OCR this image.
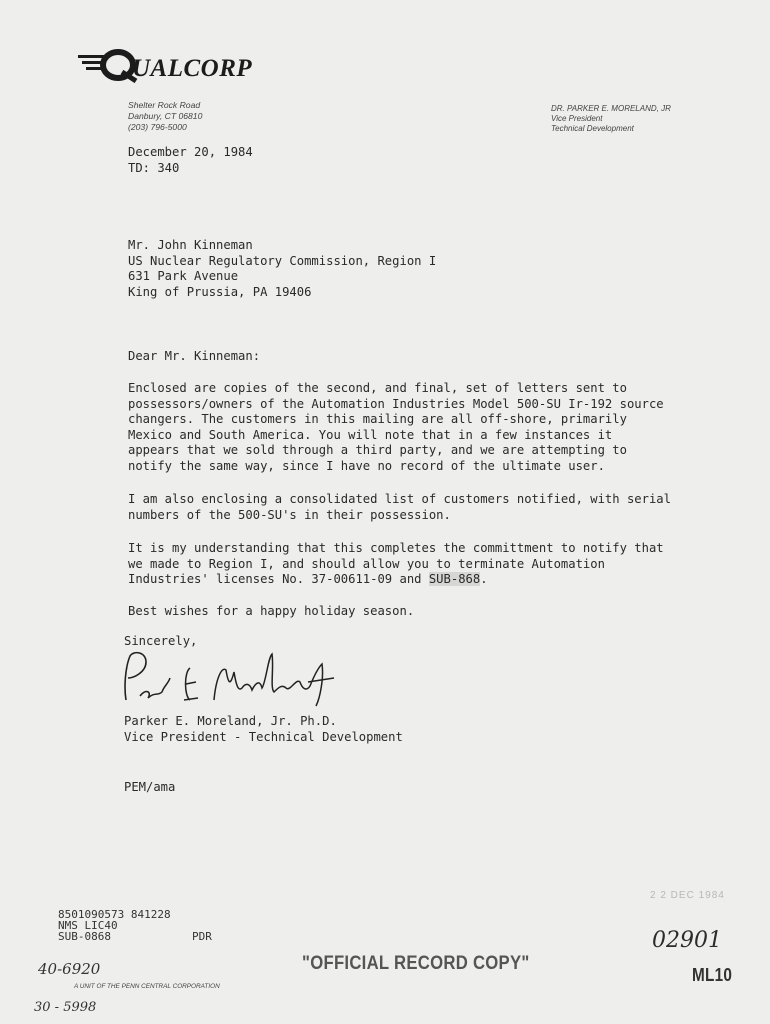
UALCORP
Shelter Rock Road
Danbury, CT 06810
(203) 796-5000
DR. PARKER E. MORELAND, JR
Vice President
Technical Development
December 20, 1984
TD: 340
Mr. John Kinneman
US Nuclear Regulatory Commission, Region I
631 Park Avenue
King of Prussia, PA 19406
Dear Mr. Kinneman:

Enclosed are copies of the second, and final, set of letters sent to
possessors/owners of the Automation Industries Model 500-SU Ir-192 source
changers. The customers in this mailing are all off-shore, primarily
Mexico and South America. You will note that in a few instances it
appears that we sold through a third party, and we are attempting to
notify the same way, since I have no record of the ultimate user.

I am also enclosing a consolidated list of customers notified, with serial
numbers of the 500-SU's in their possession.

It is my understanding that this completes the committment to notify that
we made to Region I, and should allow you to terminate Automation
Industries' licenses No. 37-00611-09 and SUB-868.

Best wishes for a happy holiday season.
Sincerely,
Parker E. Moreland, Jr. Ph.D.
Vice President - Technical Development
PEM/ama
8501090573 841228
NMS LIC40
SUB-0868	PDR
40-6920
A UNIT OF THE PENN CENTRAL CORPORATION
30 - 5998
"OFFICIAL RECORD COPY"
2 2 DEC 1984
02901
ML10
